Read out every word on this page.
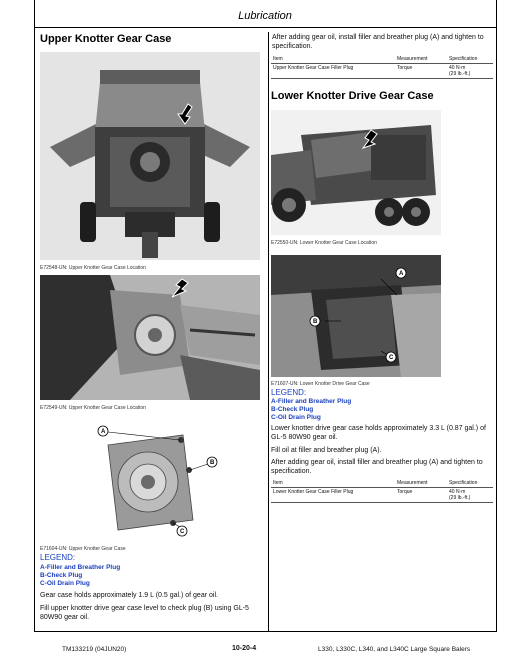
Lubrication
Upper Knotter Gear Case
E72548-UN: Upper Knotter Gear Case Location
E72549-UN: Upper Knotter Gear Case Location
A
B
C
E71604-UN: Upper Knotter Gear Case
LEGEND:
A-Filler and Breather Plug
B-Check Plug
C-Oil Drain Plug
Gear case holds approximately 1.9 L (0.5 gal.) of gear oil.
Fill upper knotter drive gear case level to check plug (B) using GL-5 80W90 gear oil.
After adding gear oil, install filler and breather plug (A) and tighten to specification.
Item	Measurement	Specification
Upper Knotter Gear Case Filler Plug	Torque	40 N·m
(29 lb.-ft.)
Lower Knotter Drive Gear Case
E72550-UN: Lower Knotter Gear Case Location
A
B
C
E71607-UN: Lower Knotter Drive Gear Case
LEGEND:
A-Filler and Breather Plug
B-Check Plug
C-Oil Drain Plug
Lower knotter drive gear case holds approximately 3.3 L (0.87 gal.) of GL-5 80W90 gear oil.
Fill oil at filler and breather plug (A).
After adding gear oil, install filler and breather plug (A) and tighten to specification.
Item	Measurement	Specification
Lower Knotter Gear Case Filler Plug	Torque	40 N·m
(29 lb.-ft.)
TM133219 (04JUN20)	10-20-4	L330, L330C, L340, and L340C Large Square Balers
